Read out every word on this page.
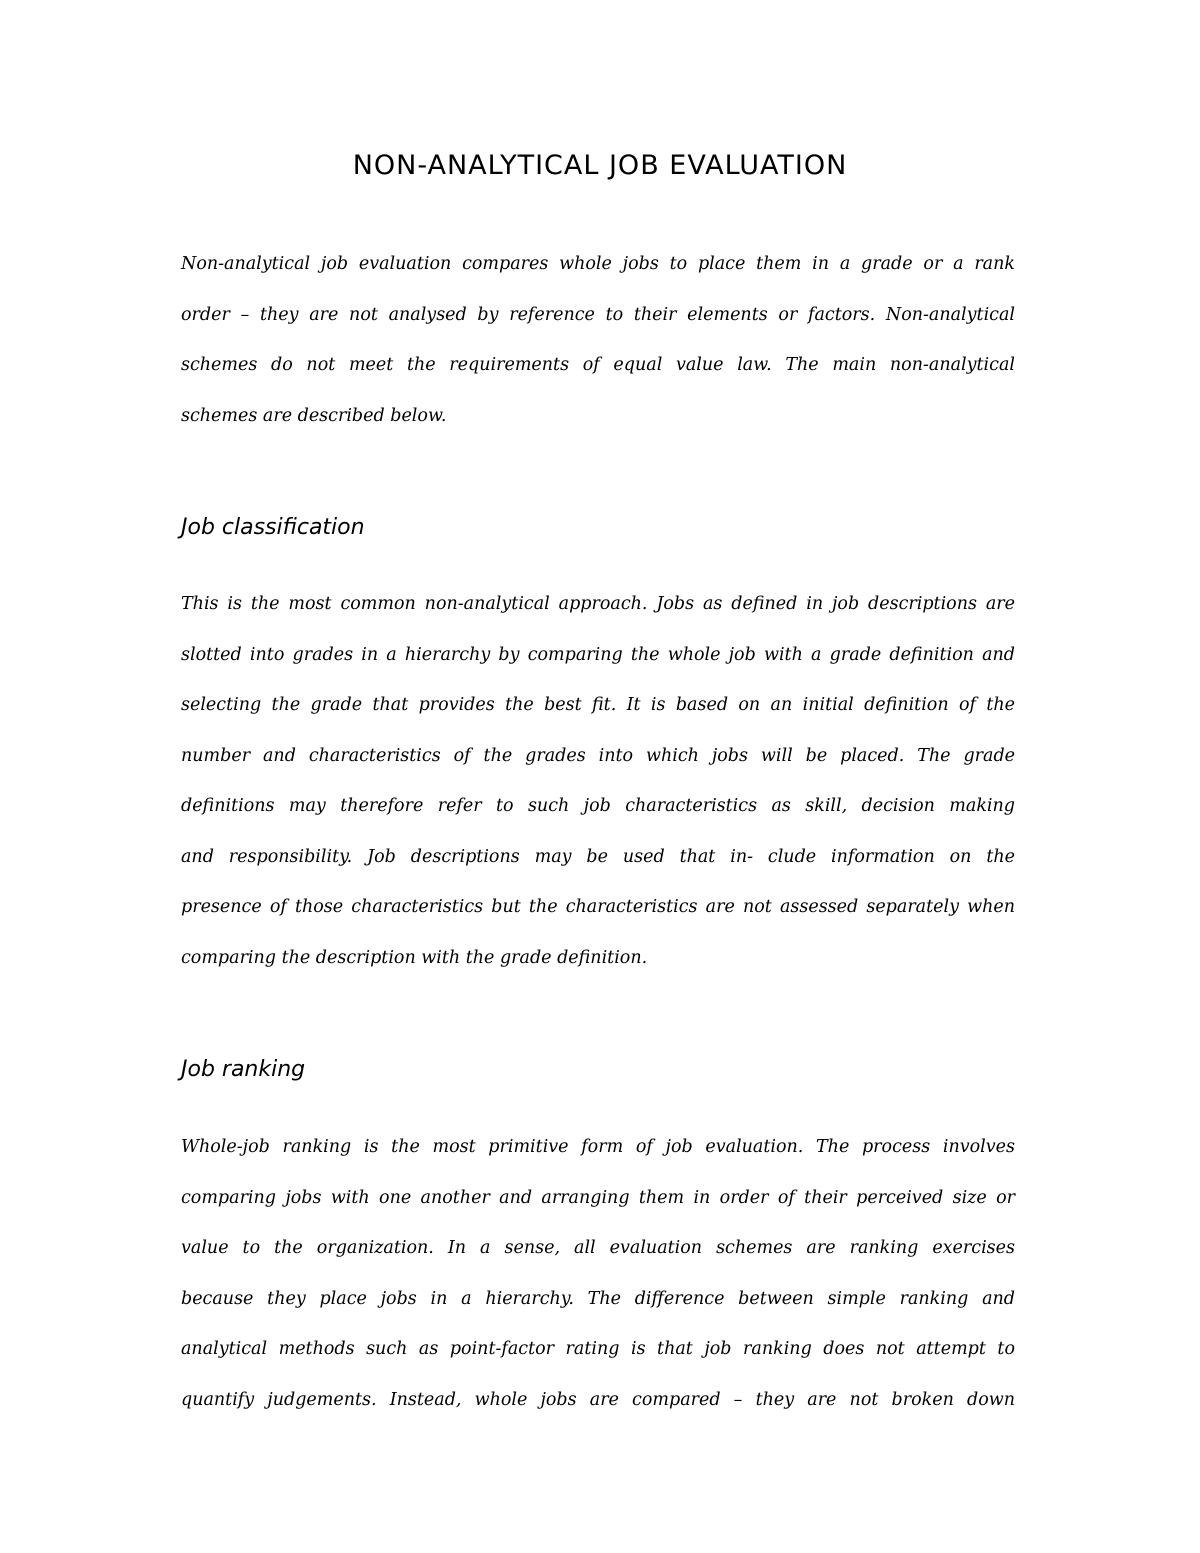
NON-ANALYTICAL JOB EVALUATION
Non-analytical job evaluation compares whole jobs to place them in a grade or a rank
order – they are not analysed by reference to their elements or factors. Non-analytical
schemes do not meet the requirements of equal value law. The main non-analytical
schemes are described below.
Job classification
This is the most common non-analytical approach. Jobs as defined in job descriptions are
slotted into grades in a hierarchy by comparing the whole job with a grade definition and
selecting the grade that provides the best fit. It is based on an initial definition of the
number and characteristics of the grades into which jobs will be placed. The grade
definitions may therefore refer to such job characteristics as skill, decision making
and responsibility. Job descriptions may be used that in- clude information on the
presence of those characteristics but the characteristics are not assessed separately when
comparing the description with the grade definition.
Job ranking
Whole-job ranking is the most primitive form of job evaluation. The process involves
comparing jobs with one another and arranging them in order of their perceived size or
value to the organization. In a sense, all evaluation schemes are ranking exercises
because they place jobs in a hierarchy. The difference between simple ranking and
analytical methods such as point-factor rating is that job ranking does not attempt to
quantify judgements. Instead, whole jobs are compared – they are not broken down
